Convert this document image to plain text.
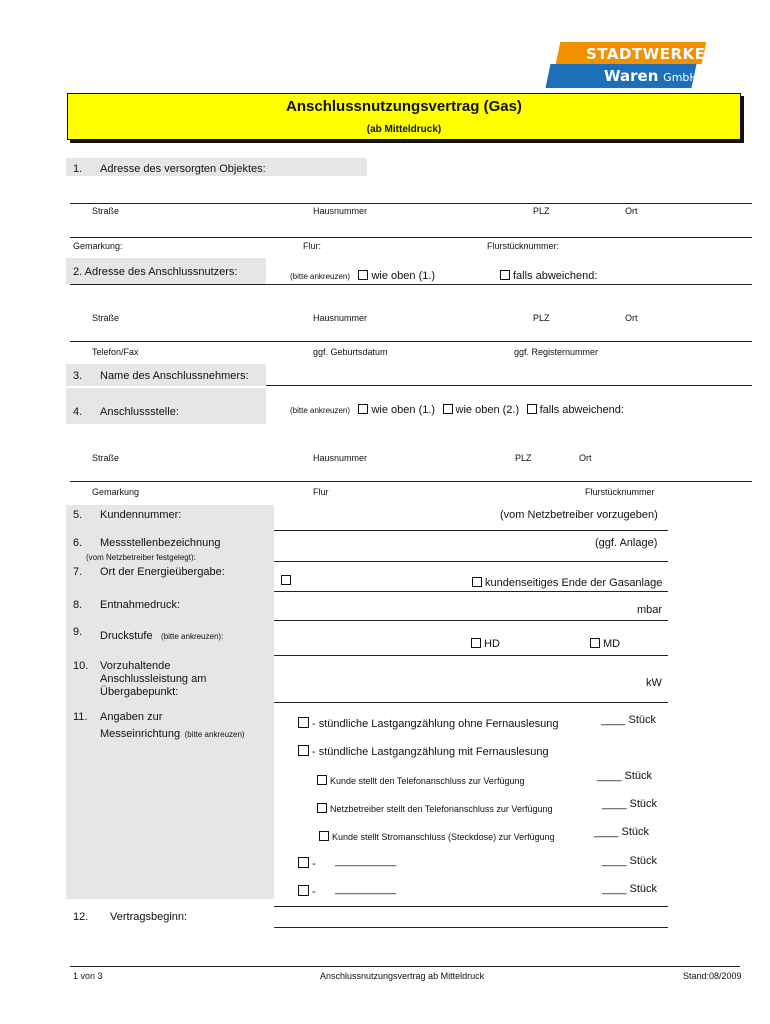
STADTWERKE
Waren GmbH
Anschlussnutzungsvertrag (Gas)
(ab Mitteldruck)
1. Adresse des versorgten Objektes:
Straße	Hausnummer	PLZ	Ort
Gemarkung:	Flur:	Flurstücknummer:
2. Adresse des Anschlussnutzers:	(bitte ankreuzen) wie oben (1.)	falls abweichend:
Straße	Hausnummer	PLZ	Ort
Telefon/Fax	ggf. Geburtsdatum	ggf. Registernummer
3. Name des Anschlussnehmers:
4. Anschlussstelle:	(bitte ankreuzen) wie oben (1.) wie oben (2.) falls abweichend:
Straße	Hausnummer	PLZ	Ort
Gemarkung	Flur	Flurstücknummer
5. Kundennummer:	(vom Netzbetreiber vorzugeben)
6. Messstellenbezeichnung
(vom Netzbetreiber festgelegt):
(ggf. Anlage)
7. Ort der Energieübergabe:
kundenseitiges Ende der Gasanlage
8. Entnahmedruck:	mbar
9. Druckstufe (bitte ankreuzen):
HD	MD
10. Vorzuhaltende
Anschlussleistung am
Übergabepunkt:
kW
11. Angaben zur
Messeinrichtung (bitte ankreuzen)
- stündliche Lastgangzählung ohne Fernauslesung	____ Stück
- stündliche Lastgangzählung mit Fernauslesung
Kunde stellt den Telefonanschluss zur Verfügung	____ Stück
Netzbetreiber stellt den Telefonanschluss zur Verfügung	____ Stück
Kunde stellt Stromanschluss (Steckdose) zur Verfügung	____ Stück
- __________	____ Stück
- __________	____ Stück
12. Vertragsbeginn:
1 von 3	Anschlussnutzungsvertrag ab Mitteldruck	Stand:08/2009
